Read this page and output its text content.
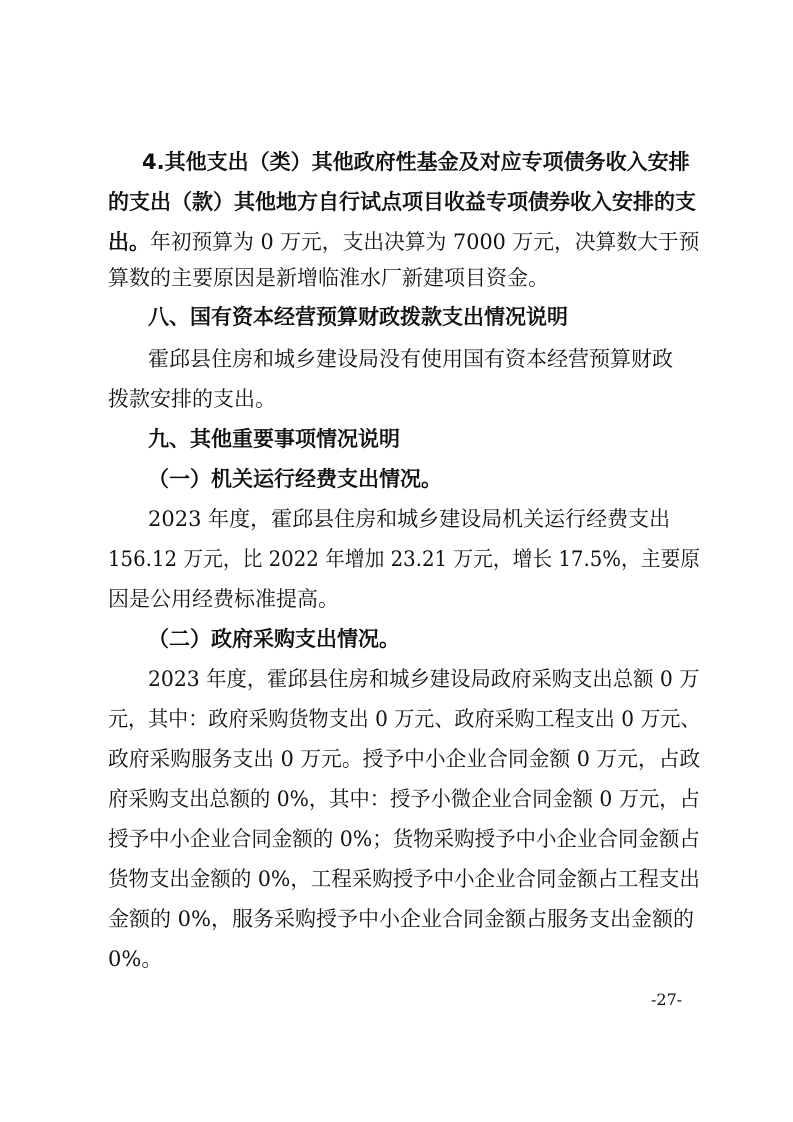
4.其他支出（类）其他政府性基金及对应专项债务收入安排
的支出（款）其他地方自行试点项目收益专项债券收入安排的支
出。 年初预算为 0 万元，支出决算为 7000 万元，决算数大于预
算数的主要原因是新增临淮水厂新建项目资金。
八、国有资本经营预算财政拨款支出情况说明
霍邱县住房和城乡建设局没有使用国有资本经营预算财政
拨款安排的支出。
九、其他重要事项情况说明
（一）机关运行经费支出情况。
2023 年度，霍邱县住房和城乡建设局机关运行经费支出
156.12 万元，比 2022 年增加 23.21 万元，增长 17.5%，主要原
因是公用经费标准提高。
（二）政府采购支出情况。
2023 年度，霍邱县住房和城乡建设局政府采购支出总额 0 万
元，其中：政府采购货物支出 0 万元、政府采购工程支出 0 万元、
政府采购服务支出 0 万元。授予中小企业合同金额 0 万元，占政
府采购支出总额的 0%，其中：授予小微企业合同金额 0 万元，占
授予中小企业合同金额的 0%；货物采购授予中小企业合同金额占
货物支出金额的 0%，工程采购授予中小企业合同金额占工程支出
金额的 0%，服务采购授予中小企业合同金额占服务支出金额的
0%。
-27-
